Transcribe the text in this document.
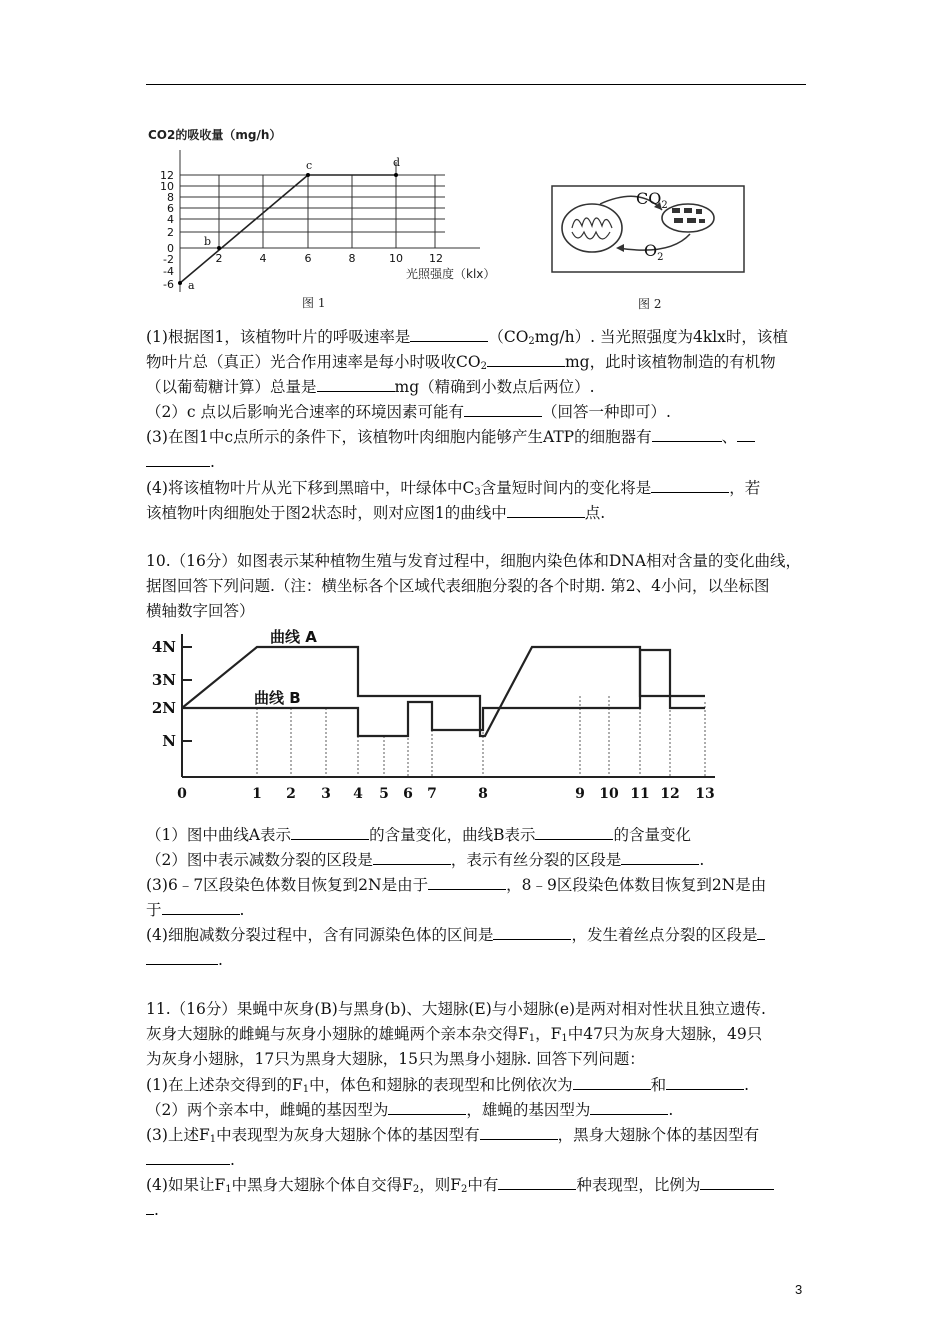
CO2的吸收量（mg/h）
a
b
c	d
12
10
8
6
4
2
0
-2
-4
-6
2	4	6	8	10 12
光照强度（klx）
图 1
$CO_2$
$O_2$
图 2
(1)根据图1，该植物叶片的呼吸速率是	$(CO_2mg/h)$. 当光照强度为4klx时，该植
物叶片总（真正）光合作用速率是每小时吸收$CO_2$	mg，此时该植物制造的有机物
（以葡萄糖计算）总量是	mg（精确到小数点后两位）.
（2）c 点以后影响光合速率的环境因素可能有	（回答一种即可）.
(3)在图1中c点所示的条件下，该植物叶肉细胞内能够产生ATP的细胞器有	、
.
(4)将该植物叶片从光下移到黑暗中，叶绿体中$C_3$含量短时间内的变化将是	，若
该植物叶肉细胞处于图2状态时，则对应图1的曲线中	点.
10.（16分）如图表示某种植物生殖与发育过程中，细胞内染色体和DNA相对含量的变化曲线，
据图回答下列问题.（注：横坐标各个区域代表细胞分裂的各个时期. 第2、4小问，以坐标图
横轴数字回答）
4N
3N
2N
N
曲线 A
曲线 B
0	1 2 3 4 5 6 7	8	9 10 11 12 13
（1）图中曲线A表示	的含量变化，曲线B表示	的含量变化
（2）图中表示减数分裂的区段是	，表示有丝分裂的区段是	.
(3)6﹣7区段染色体数目恢复到2N是由于	，8﹣9区段染色体数目恢复到2N是由
于	.
(4)细胞减数分裂过程中，含有同源染色体的区间是	，发生着丝点分裂的区段是
.
11.（16分）果蝇中灰身(B)与黑身(b)、大翅脉(E)与小翅脉(e)是两对相对性状且独立遗传.
灰身大翅脉的雌蝇与灰身小翅脉的雄蝇两个亲本杂交得$F_1$，$F_1$中47只为灰身大翅脉，49只
为灰身小翅脉，17只为黑身大翅脉，15只为黑身小翅脉. 回答下列问题：
(1)在上述杂交得到的$F_1$中，体色和翅脉的表现型和比例依次为	和	.
（2）两个亲本中，雌蝇的基因型为	，雄蝇的基因型为	.
(3)上述$F_1$中表现型为灰身大翅脉个体的基因型有	，黑身大翅脉个体的基因型有
.
(4)如果让$F_1$中黑身大翅脉个体自交得$F_2$，则$F_2$中有	种表现型，比例为
.
3
